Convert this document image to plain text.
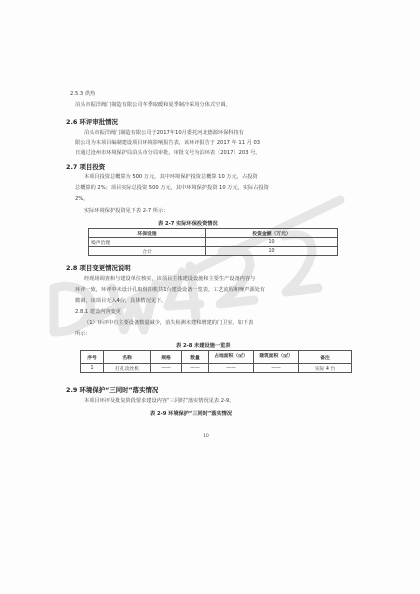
DW 4.29
2.5.3 供热
泊头市振洋阀门制造有限公司冬季取暖和夏季制冷采用分体式空调。
2.6 环评审批情况
泊头市振洋阀门制造有限公司于2017年10月委托河北德源环保科技有
限公司为本项目编制建设项目环境影响报告表，该环评报告于 2017 年 11 月 03
日通过沧州市环境保护局泊头市分局审批，审批文号为泊环表〔2017〕203 号。
2.7 项目投资
本项目投资总概算为 500 万元，其中环境保护投资总概算 10 万元，占投资
总概算的 2%；项目实际总投资 500 万元，其中环境保护投资 10 万元，实际占投资
2%。
实际环境保护投资见下表 2-7 所示：
表 2-7 实际环保投资情况
环保设施	投资金额（万元）
噪声治理	10
合计	10
2.8 项目变更情况说明
经现场调查和与建设单位核实，该项目主体建设设施和主要生产设备内容与
环评一致，环评中未设计孔取组扣机共1台建设设备一览表，工艺流程和噪声源处有
微调，该项目无入4台，具体情况见下。
2.8.1 建设内容变更
（1）环评中有主要设备数量减少，消失检测未建和增建的门卫室，如下表
所示：
表 2-8 未建设施一览表
序号	名称	规格	数量	占地面积（㎡）	建筑面积（㎡）	备注
1	打孔攻丝机	——	——	——	——	实际 4 台
2.9 环境保护“三同时”落实情况
本项目环评及批复阶段要求建设内容“三同时”落实情况见表 2-9。
表 2-9 环境保护“三同时”落实情况
10
